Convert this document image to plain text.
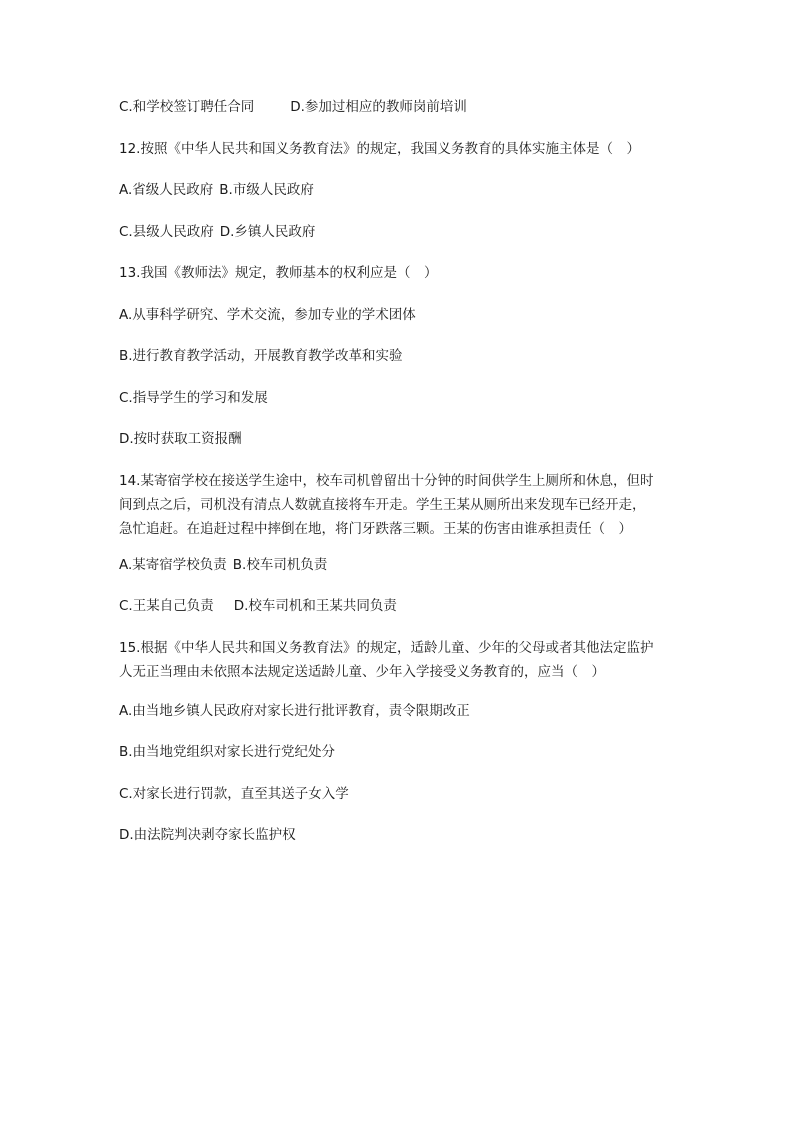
C.和学校签订聘任合同	D.参加过相应的教师岗前培训
12.按照《中华人民共和国义务教育法》的规定，我国义务教育的具体实施主体是（　）
A.省级人民政府 B.市级人民政府
C.县级人民政府 D.乡镇人民政府
13.我国《教师法》规定，教师基本的权利应是（　）
A.从事科学研究、学术交流，参加专业的学术团体
B.进行教育教学活动，开展教育教学改革和实验
C.指导学生的学习和发展
D.按时获取工资报酬
14.某寄宿学校在接送学生途中，校车司机曾留出十分钟的时间供学生上厕所和休息，但时
间到点之后，司机没有清点人数就直接将车开走。学生王某从厕所出来发现车已经开走，
急忙追赶。在追赶过程中摔倒在地，将门牙跌落三颗。王某的伤害由谁承担责任（　）
A.某寄宿学校负责 B.校车司机负责
C.王某自己负责 D.校车司机和王某共同负责
15.根据《中华人民共和国义务教育法》的规定，适龄儿童、少年的父母或者其他法定监护
人无正当理由未依照本法规定送适龄儿童、少年入学接受义务教育的，应当（　）
A.由当地乡镇人民政府对家长进行批评教育，责令限期改正
B.由当地党组织对家长进行党纪处分
C.对家长进行罚款，直至其送子女入学
D.由法院判决剥夺家长监护权
